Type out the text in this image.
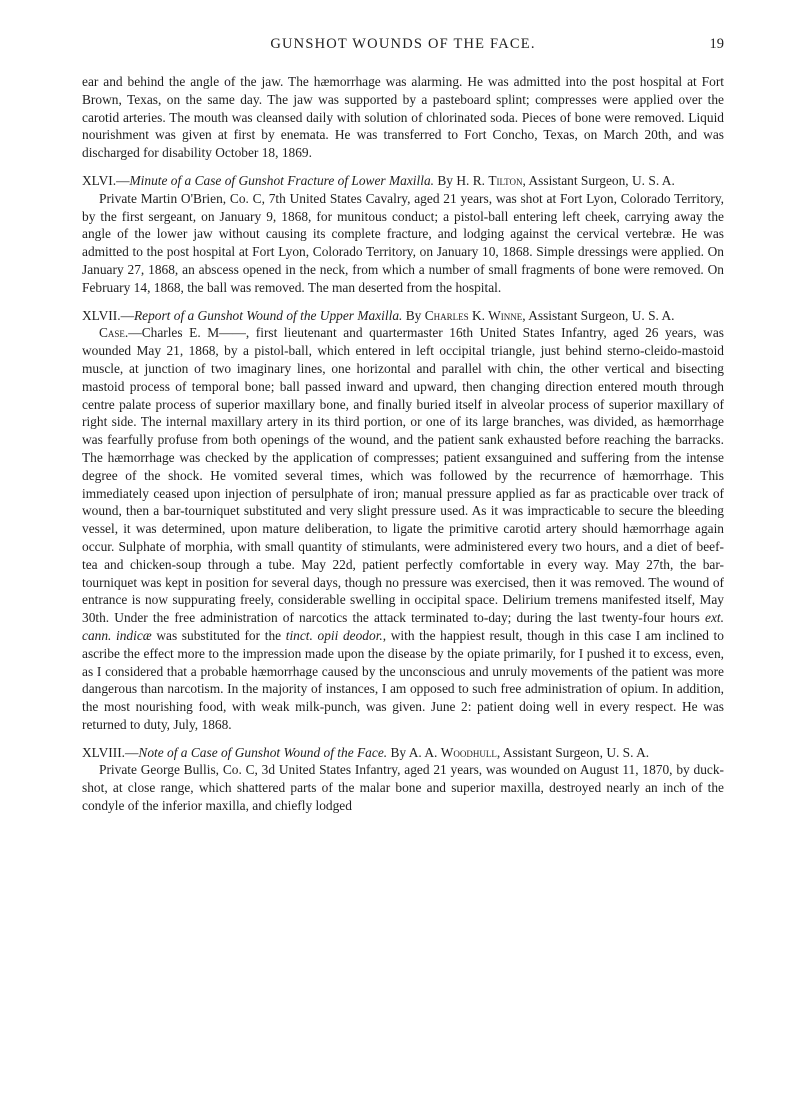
GUNSHOT WOUNDS OF THE FACE.	19

ear and behind the angle of the jaw. The hæmorrhage was alarming. He was admitted into the post hospital at Fort Brown, Texas, on the same day. The jaw was supported by a pasteboard splint; compresses were applied over the carotid arteries. The mouth was cleansed daily with solution of chlorinated soda. Pieces of bone were removed. Liquid nourishment was given at first by enemata. He was transferred to Fort Concho, Texas, on March 20th, and was discharged for disability October 18, 1869.

XLVI.—Minute of a Case of Gunshot Fracture of Lower Maxilla. By H. R. Tilton, Assistant Surgeon, U. S. A.

Private Martin O'Brien, Co. C, 7th United States Cavalry, aged 21 years, was shot at Fort Lyon, Colorado Territory, by the first sergeant, on January 9, 1868, for munitous conduct; a pistol-ball entering left cheek, carrying away the angle of the lower jaw without causing its complete fracture, and lodging against the cervical vertebræ. He was admitted to the post hospital at Fort Lyon, Colorado Territory, on January 10, 1868. Simple dressings were applied. On January 27, 1868, an abscess opened in the neck, from which a number of small fragments of bone were removed. On February 14, 1868, the ball was removed. The man deserted from the hospital.

XLVII.—Report of a Gunshot Wound of the Upper Maxilla. By Charles K. Winne, Assistant Surgeon, U. S. A.

Case.—Charles E. M——, first lieutenant and quartermaster 16th United States Infantry, aged 26 years, was wounded May 21, 1868, by a pistol-ball, which entered in left occipital triangle, just behind sterno-cleido-mastoid muscle, at junction of two imaginary lines, one horizontal and parallel with chin, the other vertical and bisecting mastoid process of temporal bone; ball passed inward and upward, then changing direction entered mouth through centre palate process of superior maxillary bone, and finally buried itself in alveolar process of superior maxillary of right side. The internal maxillary artery in its third portion, or one of its large branches, was divided, as hæmorrhage was fearfully profuse from both openings of the wound, and the patient sank exhausted before reaching the barracks. The hæmorrhage was checked by the application of compresses; patient exsanguined and suffering from the intense degree of the shock. He vomited several times, which was followed by the recurrence of hæmorrhage. This immediately ceased upon injection of persulphate of iron; manual pressure applied as far as practicable over track of wound, then a bar-tourniquet substituted and very slight pressure used. As it was impracticable to secure the bleeding vessel, it was determined, upon mature deliberation, to ligate the primitive carotid artery should hæmorrhage again occur. Sulphate of morphia, with small quantity of stimulants, were administered every two hours, and a diet of beef-tea and chicken-soup through a tube. May 22d, patient perfectly comfortable in every way. May 27th, the bar-tourniquet was kept in position for several days, though no pressure was exercised, then it was removed. The wound of entrance is now suppurating freely, considerable swelling in occipital space. Delirium tremens manifested itself, May 30th. Under the free administration of narcotics the attack terminated to-day; during the last twenty-four hours ext. cann. indicæ was substituted for the tinct. opii deodor., with the happiest result, though in this case I am inclined to ascribe the effect more to the impression made upon the disease by the opiate primarily, for I pushed it to excess, even, as I considered that a probable hæmorrhage caused by the unconscious and unruly movements of the patient was more dangerous than narcotism. In the majority of instances, I am opposed to such free administration of opium. In addition, the most nourishing food, with weak milk-punch, was given. June 2: patient doing well in every respect. He was returned to duty, July, 1868.

XLVIII.—Note of a Case of Gunshot Wound of the Face. By A. A. Woodhull, Assistant Surgeon, U. S. A.

Private George Bullis, Co. C, 3d United States Infantry, aged 21 years, was wounded on August 11, 1870, by duck-shot, at close range, which shattered parts of the malar bone and superior maxilla, destroyed nearly an inch of the condyle of the inferior maxilla, and chiefly lodged
